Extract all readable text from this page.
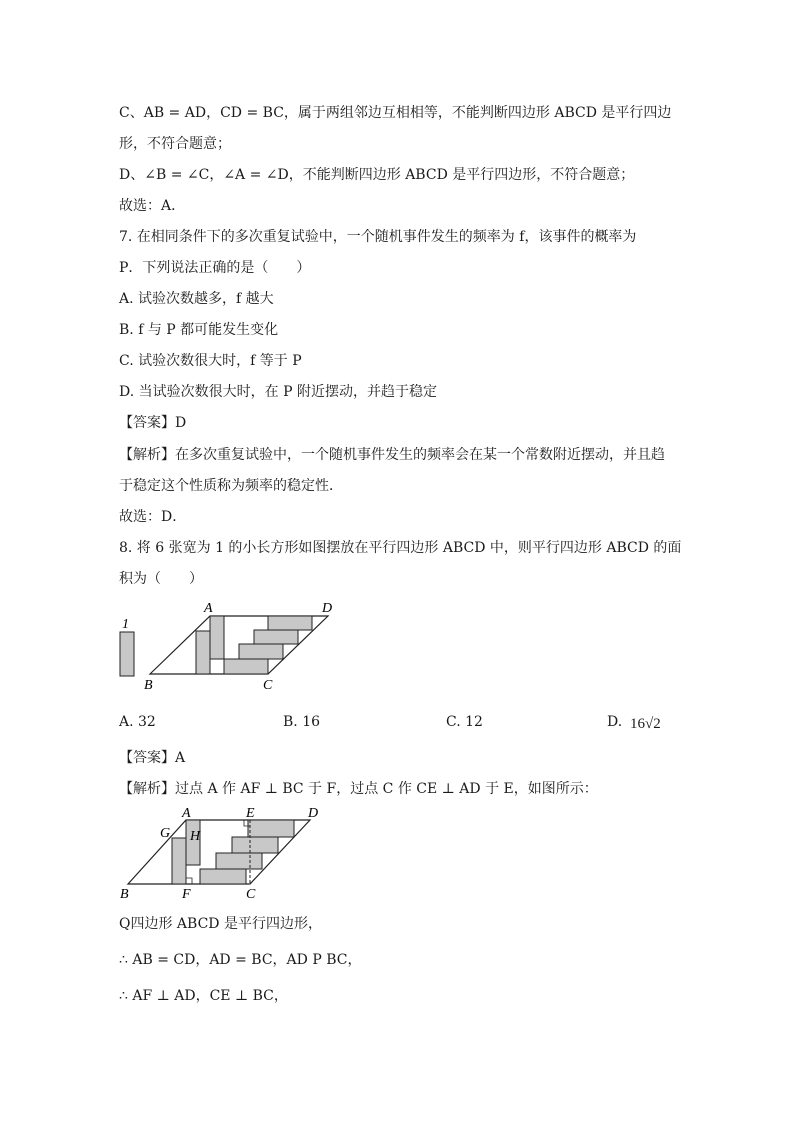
C、AB = AD，CD = BC，属于两组邻边互相相等，不能判断四边形 ABCD 是平行四边
形，不符合题意；
D、∠B = ∠C，∠A = ∠D，不能判断四边形 ABCD 是平行四边形，不符合题意；
故选：A．
7. 在相同条件下的多次重复试验中，一个随机事件发生的频率为 f，该事件的概率为
P．下列说法正确的是（　　）
A. 试验次数越多，f 越大
B. f 与 P 都可能发生变化
C. 试验次数很大时，f 等于 P
D. 当试验次数很大时，在 P 附近摆动，并趋于稳定
【答案】D
【解析】在多次重复试验中，一个随机事件发生的频率会在某一个常数附近摆动，并且趋
于稳定这个性质称为频率的稳定性．
故选：D．
8. 将 6 张宽为 1 的小长方形如图摆放在平行四边形 ABCD 中，则平行四边形 ABCD 的面
积为（　　）
1
A	D
B	C
A. 32	B. 16	C. 12	D. 16√2
【答案】A
【解析】过点 A 作 AF ⊥ BC 于 F，过点 C 作 CE ⊥ AD 于 E，如图所示：
A	E	D
G H
B	F	C
Q四边形 ABCD 是平行四边形，
∴ AB = CD，AD = BC，AD P BC，
∴ AF ⊥ AD，CE ⊥ BC，
